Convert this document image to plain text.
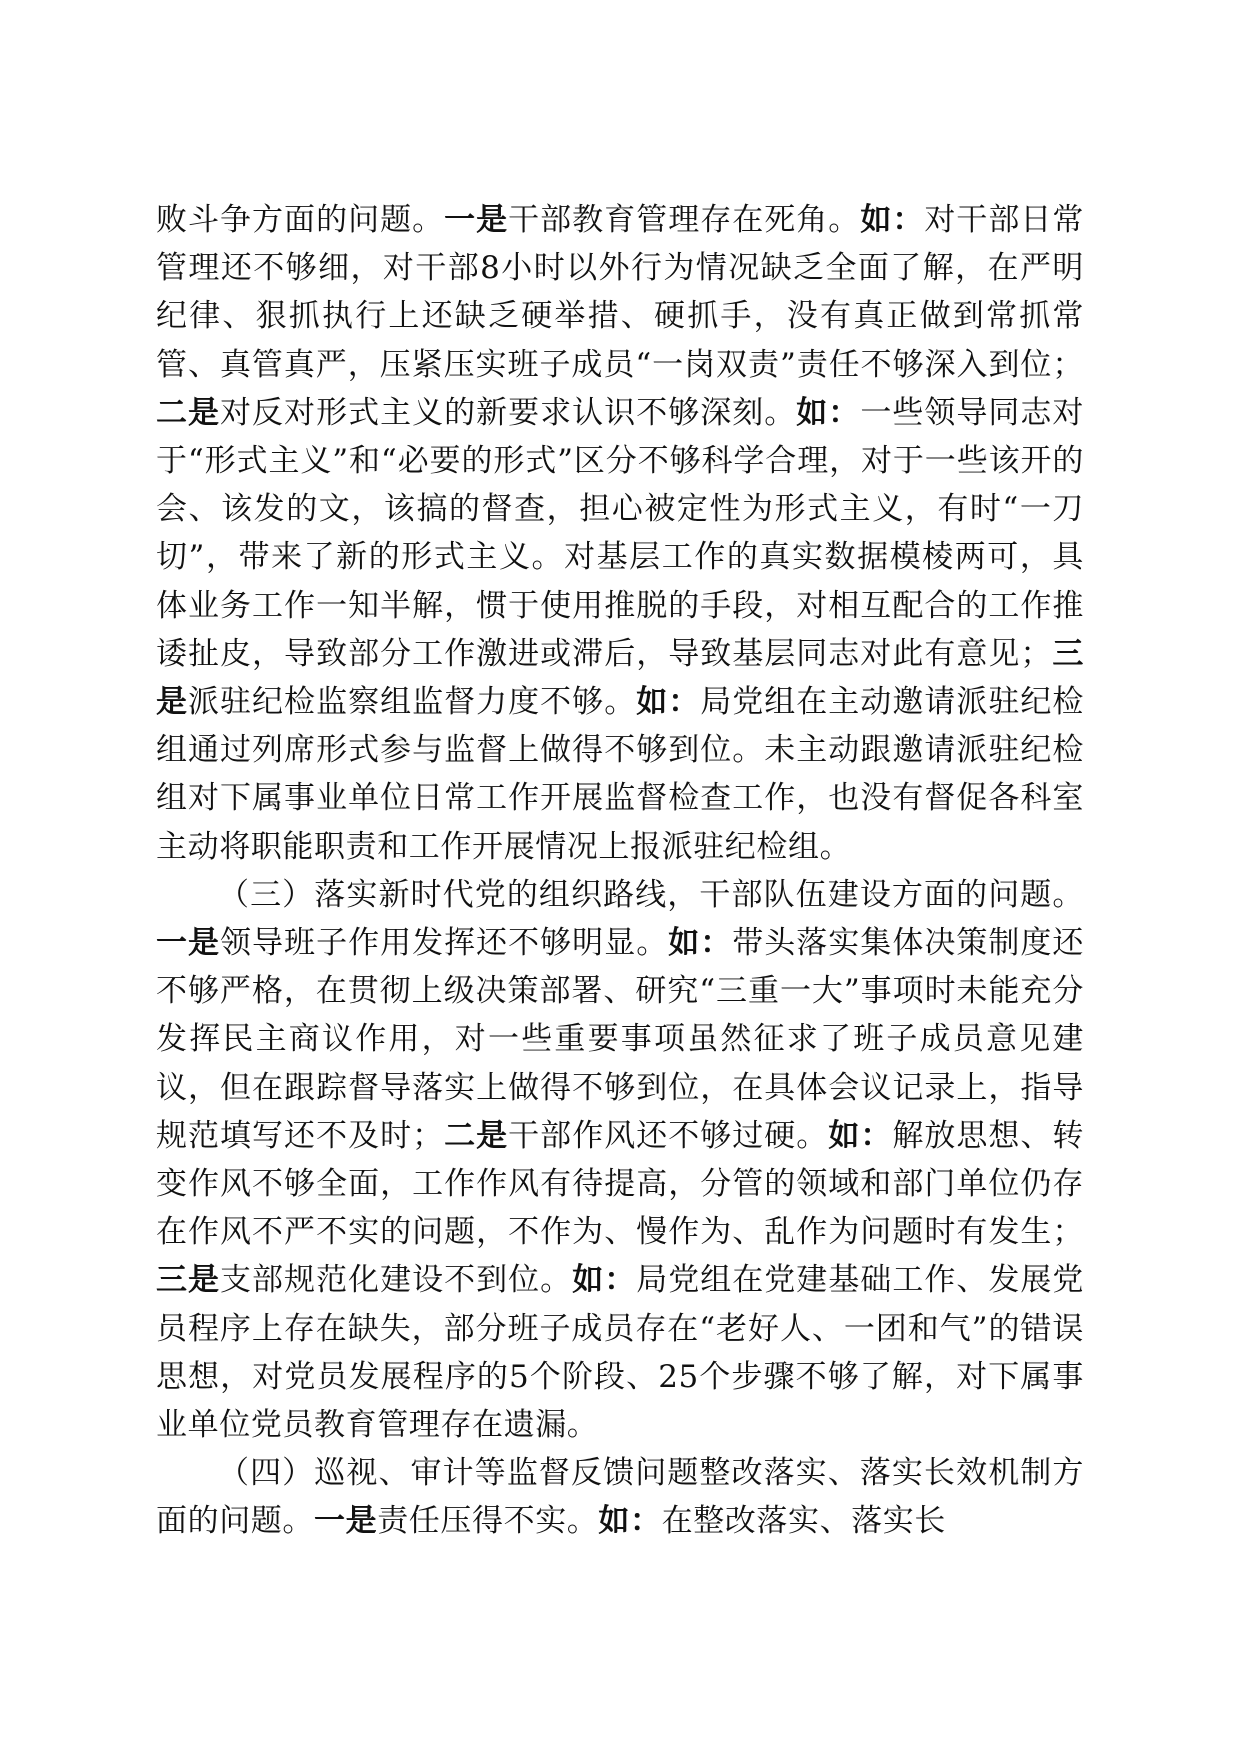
败斗争方面的问题。一是干部教育管理存在死角。如：对干部日常管理还不够细，对干部8小时以外行为情况缺乏全面了解，在严明纪律、狠抓执行上还缺乏硬举措、硬抓手，没有真正做到常抓常管、真管真严，压紧压实班子成员“一岗双责”责任不够深入到位；二是对反对形式主义的新要求认识不够深刻。如：一些领导同志对于“形式主义”和“必要的形式”区分不够科学合理，对于一些该开的会、该发的文，该搞的督查，担心被定性为形式主义，有时“一刀切”，带来了新的形式主义。对基层工作的真实数据模棱两可，具体业务工作一知半解，惯于使用推脱的手段，对相互配合的工作推诿扯皮，导致部分工作激进或滞后，导致基层同志对此有意见；三是派驻纪检监察组监督力度不够。如：局党组在主动邀请派驻纪检组通过列席形式参与监督上做得不够到位。未主动跟邀请派驻纪检组对下属事业单位日常工作开展监督检查工作，也没有督促各科室主动将职能职责和工作开展情况上报派驻纪检组。

（三）落实新时代党的组织路线，干部队伍建设方面的问题。一是领导班子作用发挥还不够明显。如：带头落实集体决策制度还不够严格，在贯彻上级决策部署、研究“三重一大”事项时未能充分发挥民主商议作用，对一些重要事项虽然征求了班子成员意见建议，但在跟踪督导落实上做得不够到位，在具体会议记录上，指导规范填写还不及时；二是干部作风还不够过硬。如：解放思想、转变作风不够全面，工作作风有待提高，分管的领域和部门单位仍存在作风不严不实的问题，不作为、慢作为、乱作为问题时有发生；三是支部规范化建设不到位。如：局党组在党建基础工作、发展党员程序上存在缺失，部分班子成员存在“老好人、一团和气”的错误思想，对党员发展程序的5个阶段、25个步骤不够了解，对下属事业单位党员教育管理存在遗漏。

（四）巡视、审计等监督反馈问题整改落实、落实长效机制方面的问题。一是责任压得不实。如：在整改落实、落实长
